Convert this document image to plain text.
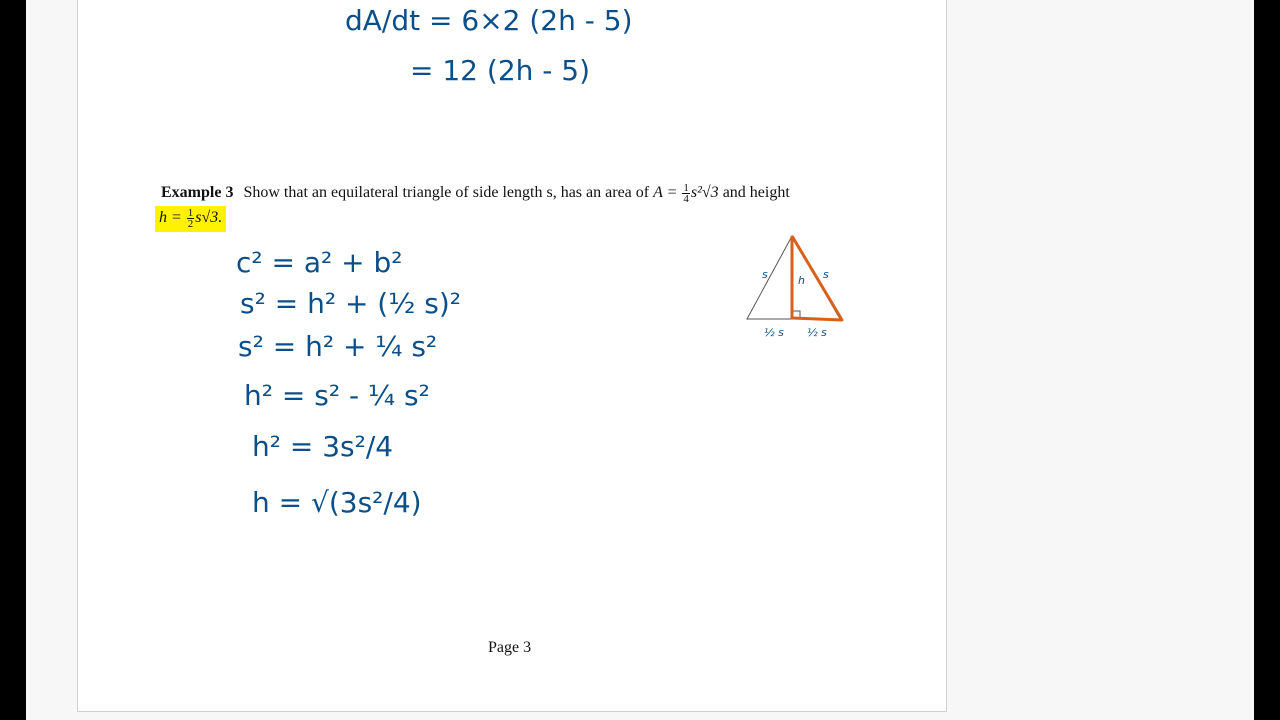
Example 3 Show that an equilateral triangle of side length s, has an area of $A = \frac{1}{4} s^2√3$ and height
$h = \frac{1}{2} s√3$.
Page 3
dA/dt = 6×2 (2h - 5)
= 12 (2h - 5)
c² = a² + b²
s² = h² + (½ s)²
s² = h² + ¼ s²
h² = s² - ¼ s²
h² = 3s²/4
h = √(3s²/4)
s	s
h
½ s ½ s
